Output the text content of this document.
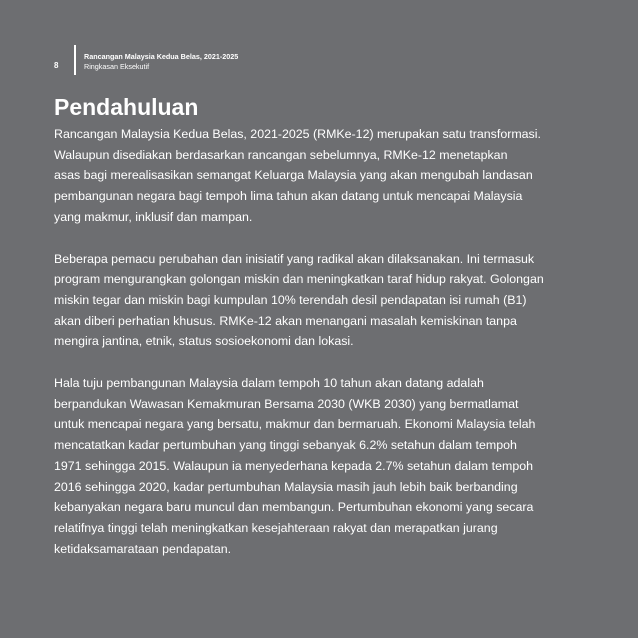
8
Rancangan Malaysia Kedua Belas, 2021-2025
Ringkasan Eksekutif
Pendahuluan

Rancangan Malaysia Kedua Belas, 2021-2025 (RMKe-12) merupakan satu transformasi.
Walaupun disediakan berdasarkan rancangan sebelumnya, RMKe-12 menetapkan
asas bagi merealisasikan semangat Keluarga Malaysia yang akan mengubah landasan
pembangunan negara bagi tempoh lima tahun akan datang untuk mencapai Malaysia
yang makmur, inklusif dan mampan.

Beberapa pemacu perubahan dan inisiatif yang radikal akan dilaksanakan. Ini termasuk
program mengurangkan golongan miskin dan meningkatkan taraf hidup rakyat. Golongan
miskin tegar dan miskin bagi kumpulan 10% terendah desil pendapatan isi rumah (B1)
akan diberi perhatian khusus. RMKe-12 akan menangani masalah kemiskinan tanpa
mengira jantina, etnik, status sosioekonomi dan lokasi.

Hala tuju pembangunan Malaysia dalam tempoh 10 tahun akan datang adalah
berpandukan Wawasan Kemakmuran Bersama 2030 (WKB 2030) yang bermatlamat
untuk mencapai negara yang bersatu, makmur dan bermaruah. Ekonomi Malaysia telah
mencatatkan kadar pertumbuhan yang tinggi sebanyak 6.2% setahun dalam tempoh
1971 sehingga 2015. Walaupun ia menyederhana kepada 2.7% setahun dalam tempoh
2016 sehingga 2020, kadar pertumbuhan Malaysia masih jauh lebih baik berbanding
kebanyakan negara baru muncul dan membangun. Pertumbuhan ekonomi yang secara
relatifnya tinggi telah meningkatkan kesejahteraan rakyat dan merapatkan jurang
ketidaksamarataan pendapatan.
